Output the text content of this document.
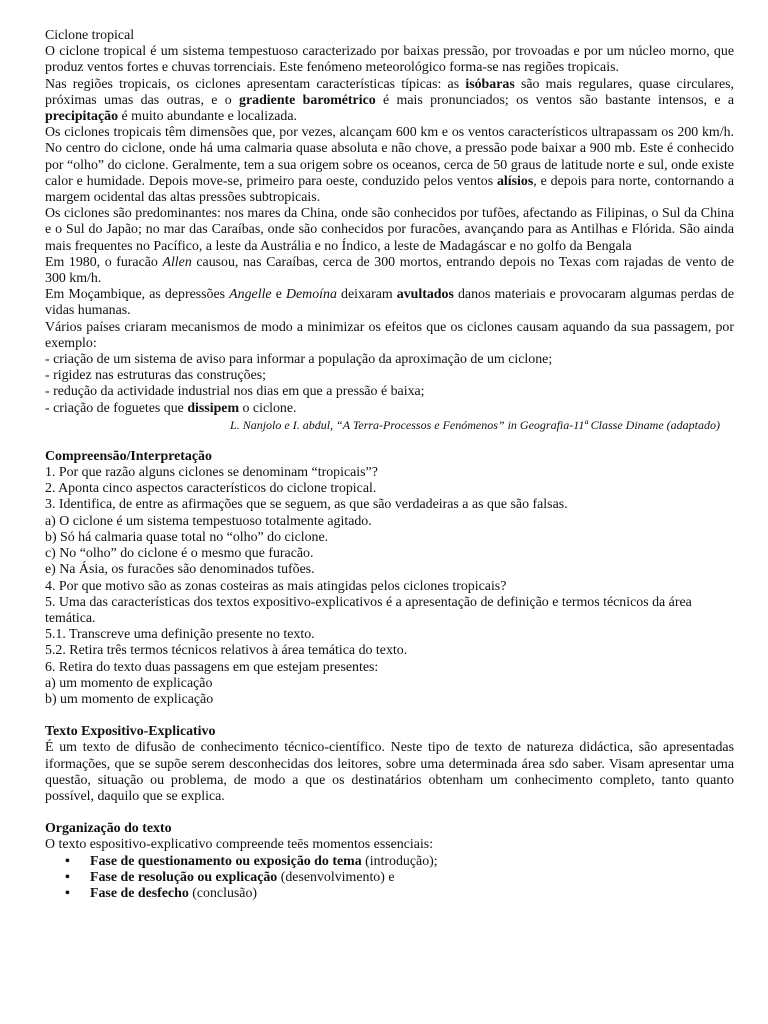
Ciclone tropical

O ciclone tropical é um sistema tempestuoso caracterizado por baixas pressão, por trovoadas e por um núcleo morno, que produz ventos fortes e chuvas torrenciais. Este fenómeno meteorológico forma-se nas regiões tropicais.

Nas regiões tropicais, os ciclones apresentam características típicas: as isóbaras são mais regulares, quase circulares, próximas umas das outras, e o gradiente barométrico é mais pronunciados; os ventos são bastante intensos, e a precipitação é muito abundante e localizada.

Os ciclones tropicais têm dimensões que, por vezes, alcançam 600 km e os ventos característicos ultrapassam os 200 km/h. No centro do ciclone, onde há uma calmaria quase absoluta e não chove, a pressão pode baixar a 900 mb. Este é conhecido por “olho” do ciclone. Geralmente, tem a sua origem sobre os oceanos, cerca de 50 graus de latitude norte e sul, onde existe calor e humidade. Depois move-se, primeiro para oeste, conduzido pelos ventos alísios, e depois para norte, contornando a margem ocidental das altas pressões subtropicais.

Os ciclones são predominantes: nos mares da China, onde são conhecidos por tufões, afectando as Filipinas, o Sul da China e o Sul do Japão; no mar das Caraíbas, onde são conhecidos por furacões, avançando para as Antilhas e Flórida. São ainda mais frequentes no Pacífico, a leste da Austrália e no Índico, a leste de Madagáscar e no golfo da Bengala

Em 1980, o furacão Allen causou, nas Caraíbas, cerca de 300 mortos, entrando depois no Texas com rajadas de vento de 300 km/h.

Em Moçambique, as depressões Angelle e Demoína deixaram avultados danos materiais e provocaram algumas perdas de vidas humanas.

Vários países criaram mecanismos de modo a minimizar os efeitos que os ciclones causam aquando da sua passagem, por exemplo:

- criação de um sistema de aviso para informar a população da aproximação de um ciclone;

- rigidez nas estruturas das construções;

- redução da actividade industrial nos dias em que a pressão é baixa;

- criação de foguetes que dissipem o ciclone.

L. Nanjolo e I. abdul, “A Terra-Processos e Fenómenos” in Geografia-11ª Classe Diname (adaptado)

Compreensão/Interpretação

1. Por que razão alguns ciclones se denominam “tropicais”?

2. Aponta cinco aspectos característicos do ciclone tropical.

3. Identifica, de entre as afirmações que se seguem, as que são verdadeiras a as que são falsas.

a) O ciclone é um sistema tempestuoso totalmente agitado.

b) Só há calmaria quase total no “olho” do ciclone.

c) No “olho” do ciclone é o mesmo que furacão.

e) Na Ásia, os furacões são denominados tufões.

4. Por que motivo são as zonas costeiras as mais atingidas pelos ciclones tropicais?

5. Uma das características dos textos expositivo-explicativos é a apresentação de definição e termos técnicos da área temática.

5.1. Transcreve uma definição presente no texto.

5.2. Retira três termos técnicos relativos à área temática do texto.

6. Retira do texto duas passagens em que estejam presentes:

a) um momento de explicação

b) um momento de explicação

Texto Expositivo-Explicativo

É um texto de difusão de conhecimento técnico-científico. Neste tipo de texto de natureza didáctica, são apresentadas iformações, que se supõe serem desconhecidas dos leitores, sobre uma determinada área sdo saber. Visam apresentar uma questão, situação ou problema, de modo a que os destinatários obtenham um conhecimento completo, tanto quanto possível, daquilo que se explica.

Organização do texto

O texto espositivo-explicativo compreende teēs momentos essenciais:

• Fase de questionamento ou exposição do tema (introdução);
• Fase de resolução ou explicação (desenvolvimento) e
• Fase de desfecho (conclusão)
